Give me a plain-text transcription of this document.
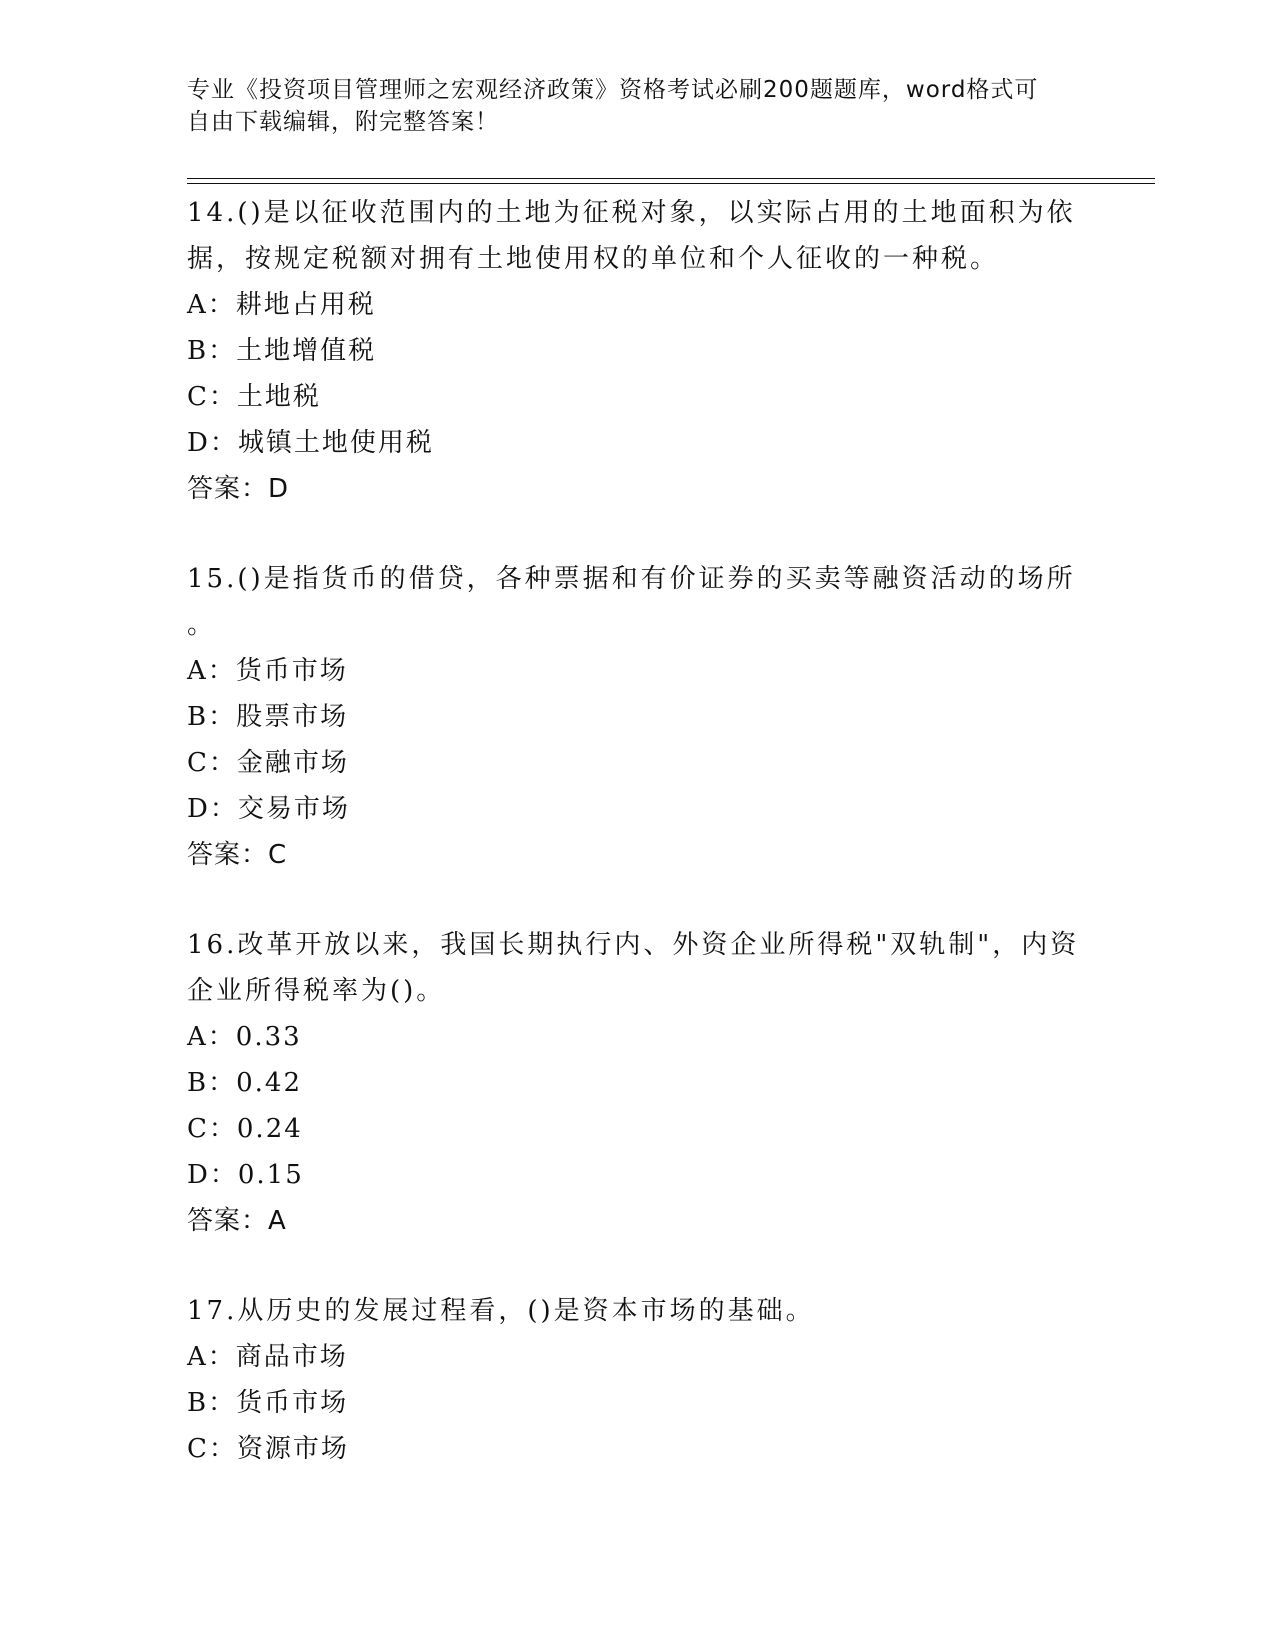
专业《投资项目管理师之宏观经济政策》资格考试必刷200题题库，word格式可
自由下载编辑，附完整答案！
14.()是以征收范围内的土地为征税对象，以实际占用的土地面积为依
据，按规定税额对拥有土地使用权的单位和个人征收的一种税。
A：耕地占用税
B：土地增值税
C：土地税
D：城镇土地使用税
答案：D
15.()是指货币的借贷，各种票据和有价证券的买卖等融资活动的场所
。
A：货币市场
B：股票市场
C：金融市场
D：交易市场
答案：C
16.改革开放以来，我国长期执行内、外资企业所得税"双轨制"，内资
企业所得税率为()。
A：0.33
B：0.42
C：0.24
D：0.15
答案：A
17.从历史的发展过程看，()是资本市场的基础。
A：商品市场
B：货币市场
C：资源市场
